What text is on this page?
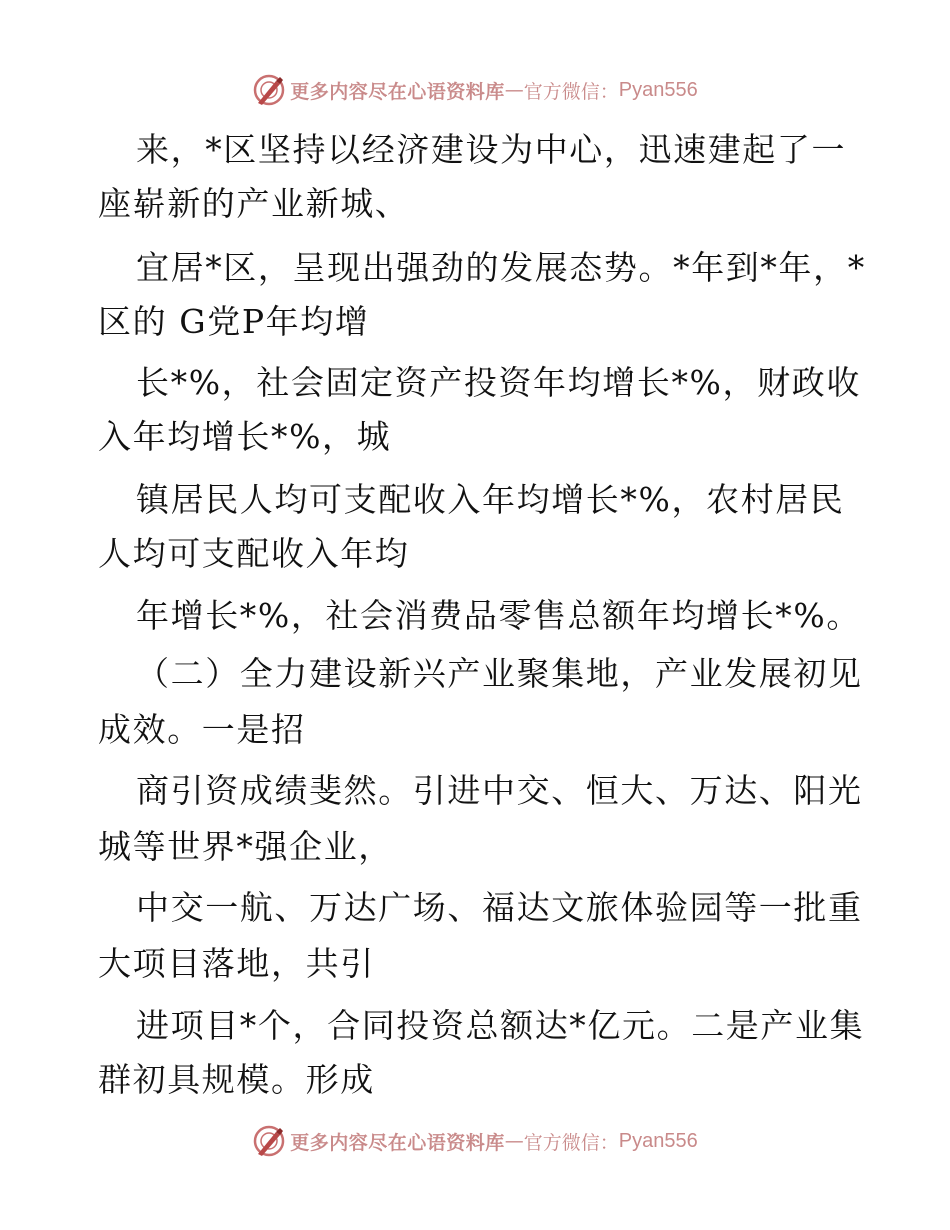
更多内容尽在心语资料库 — 官方微信： Pyan556
来，*区坚持以经济建设为中心，迅速建起了一
座崭新的产业新城、
宜居*区，呈现出强劲的发展态势。*年到*年，*
区的 G党P年均增
长*%，社会固定资产投资年均增长*%，财政收
入年均增长*%，城
镇居民人均可支配收入年均增长*%，农村居民
人均可支配收入年均
年增长*%，社会消费品零售总额年均增长*%。
（二）全力建设新兴产业聚集地，产业发展初见
成效。一是招
商引资成绩斐然。引进中交、恒大、万达、阳光
城等世界*强企业，
中交一航、万达广场、福达文旅体验园等一批重
大项目落地，共引
进项目*个，合同投资总额达*亿元。二是产业集
群初具规模。形成
更多内容尽在心语资料库 — 官方微信： Pyan556
